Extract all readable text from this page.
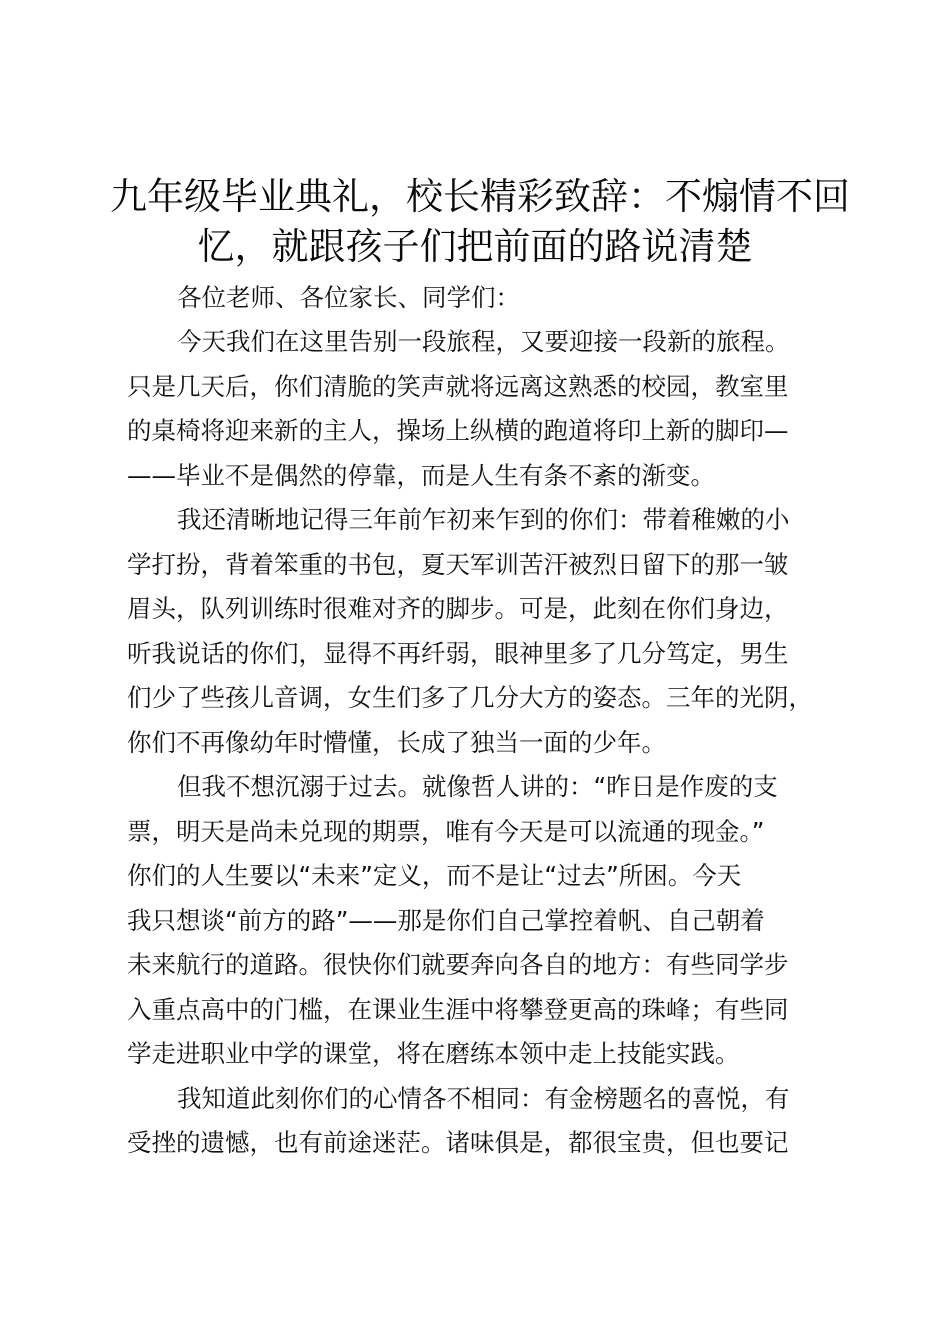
九年级毕业典礼，校长精彩致辞：不煽情不回
忆，就跟孩子们把前面的路说清楚

各位老师、各位家长、同学们：

今天我们在这里告别一段旅程，又要迎接一段新的旅程。

只是几天后，你们清脆的笑声就将远离这熟悉的校园，教室里

的桌椅将迎来新的主人，操场上纵横的跑道将印上新的脚印—

——毕业不是偶然的停靠，而是人生有条不紊的渐变。

我还清晰地记得三年前乍初来乍到的你们：带着稚嫩的小

学打扮，背着笨重的书包，夏天军训苦汗被烈日留下的那一皱

眉头，队列训练时很难对齐的脚步。可是，此刻在你们身边，

听我说话的你们，显得不再纤弱，眼神里多了几分笃定，男生

们少了些孩儿音调，女生们多了几分大方的姿态。三年的光阴，

你们不再像幼年时懵懂，长成了独当一面的少年。

但我不想沉溺于过去。就像哲人讲的：“昨日是作废的支

票，明天是尚未兑现的期票，唯有今天是可以流通的现金。”

你们的人生要以“未来”定义，而不是让“过去”所困。今天

我只想谈“前方的路”——那是你们自己掌控着帆、自己朝着

未来航行的道路。很快你们就要奔向各自的地方：有些同学步

入重点高中的门槛，在课业生涯中将攀登更高的珠峰；有些同

学走进职业中学的课堂，将在磨练本领中走上技能实践。

我知道此刻你们的心情各不相同：有金榜题名的喜悦，有

受挫的遗憾，也有前途迷茫。诸味俱是，都很宝贵，但也要记
